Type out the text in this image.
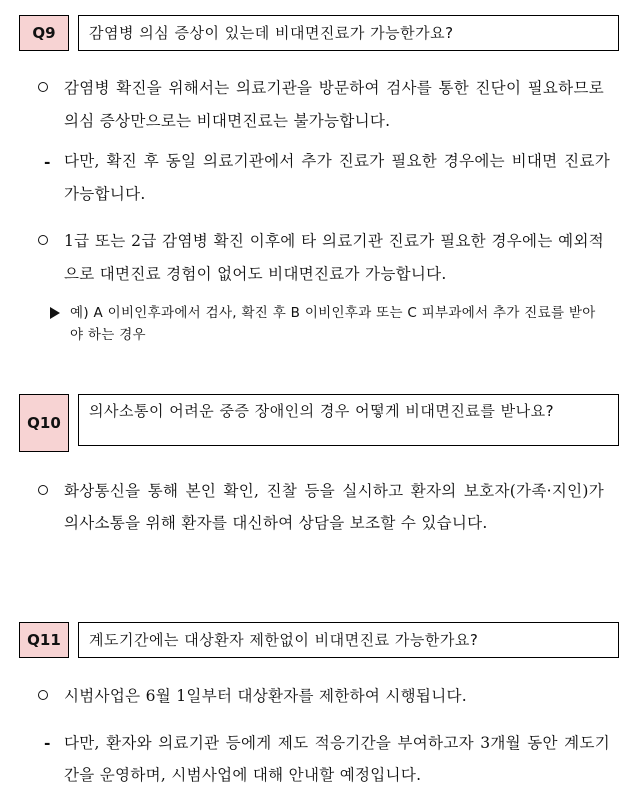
Q9	감염병 의심 증상이 있는데 비대면진료가 가능한가요?
감염병 확진을 위해서는 의료기관을 방문하여 검사를 통한 진단이 필요하므로 의심 증상만으로는 비대면진료는 불가능합니다.
- 다만, 확진 후 동일 의료기관에서 추가 진료가 필요한 경우에는 비대면 진료가 가능합니다.
1급 또는 2급 감염병 확진 이후에 타 의료기관 진료가 필요한 경우에는 예외적으로 대면진료 경험이 없어도 비대면진료가 가능합니다.
예) A 이비인후과에서 검사, 확진 후 B 이비인후과 또는 C 피부과에서 추가 진료를 받아야 하는 경우
Q10
의사소통이 어려운 중증 장애인의 경우 어떻게 비대면진료를 받나요?
화상통신을 통해 본인 확인, 진찰 등을 실시하고 환자의 보호자(가족·지인)가 의사소통을 위해 환자를 대신하여 상담을 보조할 수 있습니다.
Q11	계도기간에는 대상환자 제한없이 비대면진료 가능한가요?
시범사업은 6월 1일부터 대상환자를 제한하여 시행됩니다.
- 다만, 환자와 의료기관 등에게 제도 적응기간을 부여하고자 3개월 동안 계도기간을 운영하며, 시범사업에 대해 안내할 예정입니다.
